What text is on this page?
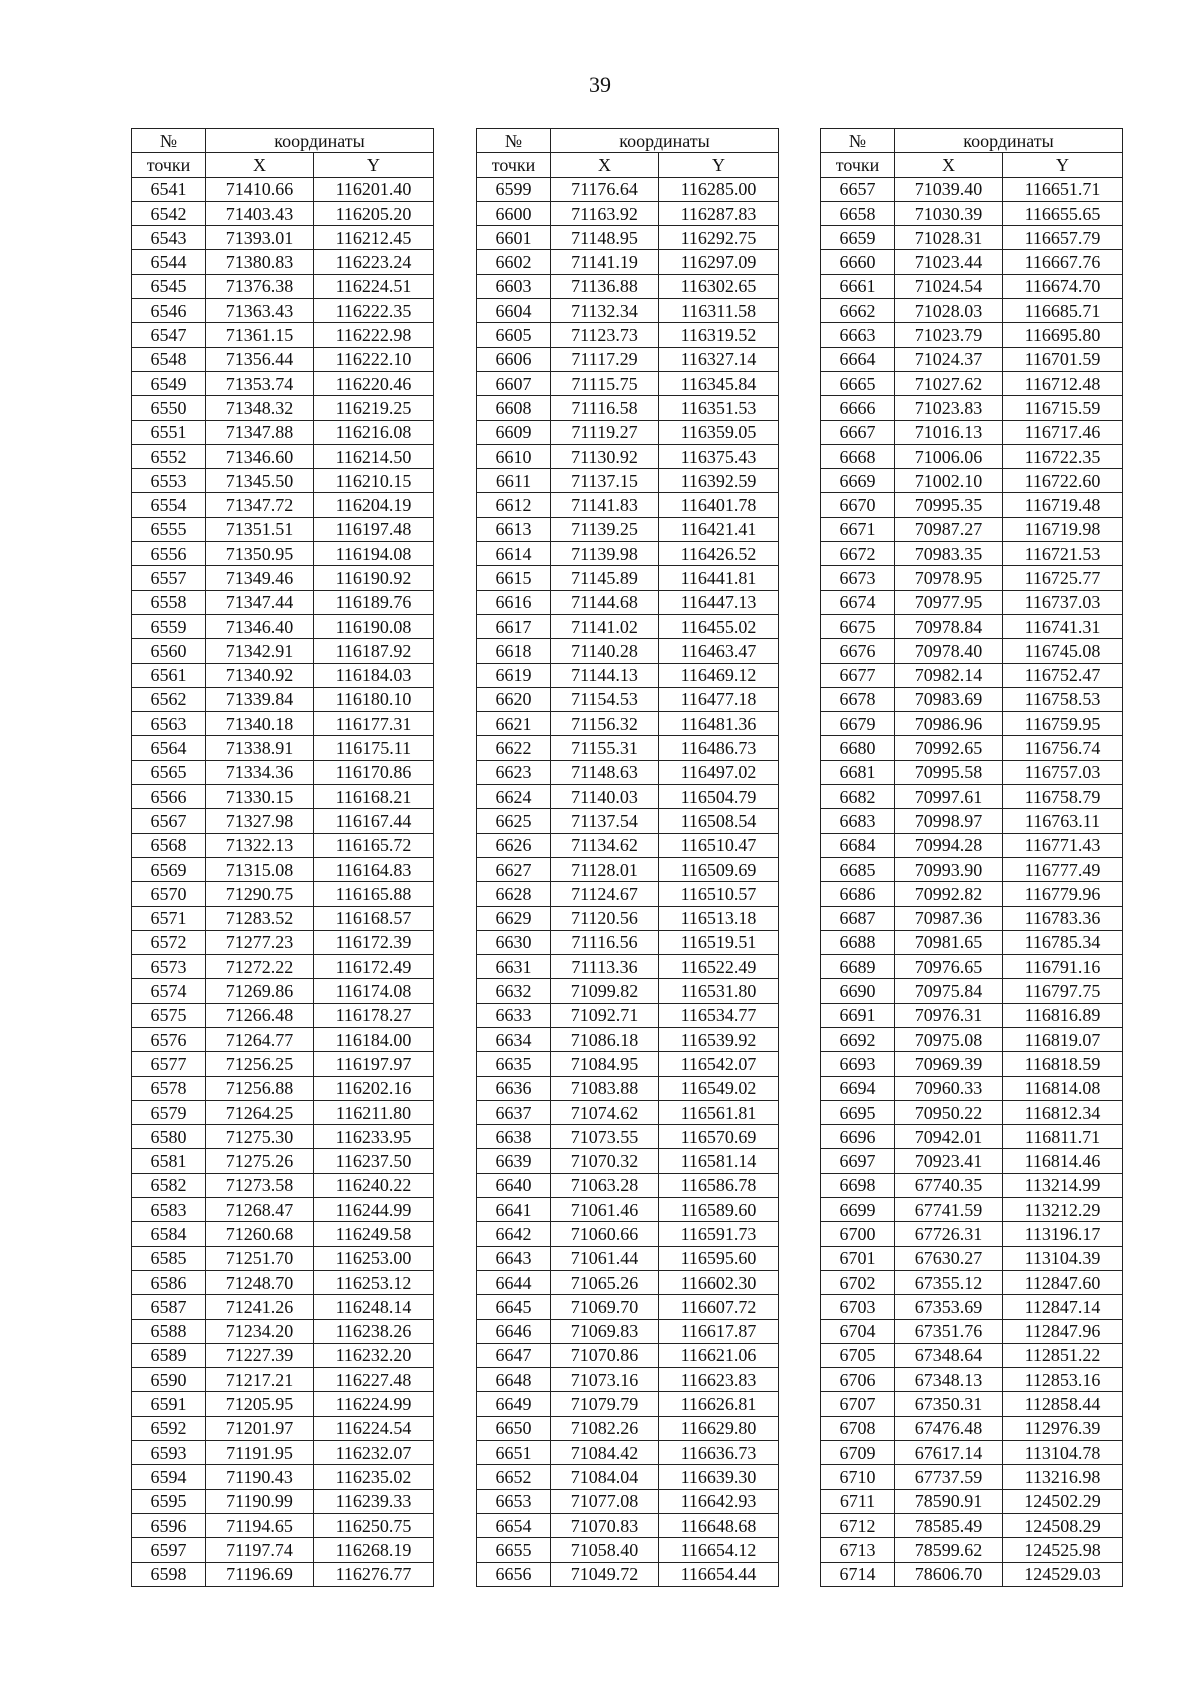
39
№	координаты	
точки	X	Y
6541	71410.66	116201.40
6542	71403.43	116205.20
6543	71393.01	116212.45
6544	71380.83	116223.24
6545	71376.38	116224.51
6546	71363.43	116222.35
6547	71361.15	116222.98
6548	71356.44	116222.10
6549	71353.74	116220.46
6550	71348.32	116219.25
6551	71347.88	116216.08
6552	71346.60	116214.50
6553	71345.50	116210.15
6554	71347.72	116204.19
6555	71351.51	116197.48
6556	71350.95	116194.08
6557	71349.46	116190.92
6558	71347.44	116189.76
6559	71346.40	116190.08
6560	71342.91	116187.92
6561	71340.92	116184.03
6562	71339.84	116180.10
6563	71340.18	116177.31
6564	71338.91	116175.11
6565	71334.36	116170.86
6566	71330.15	116168.21
6567	71327.98	116167.44
6568	71322.13	116165.72
6569	71315.08	116164.83
6570	71290.75	116165.88
6571	71283.52	116168.57
6572	71277.23	116172.39
6573	71272.22	116172.49
6574	71269.86	116174.08
6575	71266.48	116178.27
6576	71264.77	116184.00
6577	71256.25	116197.97
6578	71256.88	116202.16
6579	71264.25	116211.80
6580	71275.30	116233.95
6581	71275.26	116237.50
6582	71273.58	116240.22
6583	71268.47	116244.99
6584	71260.68	116249.58
6585	71251.70	116253.00
6586	71248.70	116253.12
6587	71241.26	116248.14
6588	71234.20	116238.26
6589	71227.39	116232.20
6590	71217.21	116227.48
6591	71205.95	116224.99
6592	71201.97	116224.54
6593	71191.95	116232.07
6594	71190.43	116235.02
6595	71190.99	116239.33
6596	71194.65	116250.75
6597	71197.74	116268.19
6598	71196.69	116276.77
№	координаты	
точки	X	Y
6599	71176.64	116285.00
6600	71163.92	116287.83
6601	71148.95	116292.75
6602	71141.19	116297.09
6603	71136.88	116302.65
6604	71132.34	116311.58
6605	71123.73	116319.52
6606	71117.29	116327.14
6607	71115.75	116345.84
6608	71116.58	116351.53
6609	71119.27	116359.05
6610	71130.92	116375.43
6611	71137.15	116392.59
6612	71141.83	116401.78
6613	71139.25	116421.41
6614	71139.98	116426.52
6615	71145.89	116441.81
6616	71144.68	116447.13
6617	71141.02	116455.02
6618	71140.28	116463.47
6619	71144.13	116469.12
6620	71154.53	116477.18
6621	71156.32	116481.36
6622	71155.31	116486.73
6623	71148.63	116497.02
6624	71140.03	116504.79
6625	71137.54	116508.54
6626	71134.62	116510.47
6627	71128.01	116509.69
6628	71124.67	116510.57
6629	71120.56	116513.18
6630	71116.56	116519.51
6631	71113.36	116522.49
6632	71099.82	116531.80
6633	71092.71	116534.77
6634	71086.18	116539.92
6635	71084.95	116542.07
6636	71083.88	116549.02
6637	71074.62	116561.81
6638	71073.55	116570.69
6639	71070.32	116581.14
6640	71063.28	116586.78
6641	71061.46	116589.60
6642	71060.66	116591.73
6643	71061.44	116595.60
6644	71065.26	116602.30
6645	71069.70	116607.72
6646	71069.83	116617.87
6647	71070.86	116621.06
6648	71073.16	116623.83
6649	71079.79	116626.81
6650	71082.26	116629.80
6651	71084.42	116636.73
6652	71084.04	116639.30
6653	71077.08	116642.93
6654	71070.83	116648.68
6655	71058.40	116654.12
6656	71049.72	116654.44
№	координаты	
точки	X	Y
6657	71039.40	116651.71
6658	71030.39	116655.65
6659	71028.31	116657.79
6660	71023.44	116667.76
6661	71024.54	116674.70
6662	71028.03	116685.71
6663	71023.79	116695.80
6664	71024.37	116701.59
6665	71027.62	116712.48
6666	71023.83	116715.59
6667	71016.13	116717.46
6668	71006.06	116722.35
6669	71002.10	116722.60
6670	70995.35	116719.48
6671	70987.27	116719.98
6672	70983.35	116721.53
6673	70978.95	116725.77
6674	70977.95	116737.03
6675	70978.84	116741.31
6676	70978.40	116745.08
6677	70982.14	116752.47
6678	70983.69	116758.53
6679	70986.96	116759.95
6680	70992.65	116756.74
6681	70995.58	116757.03
6682	70997.61	116758.79
6683	70998.97	116763.11
6684	70994.28	116771.43
6685	70993.90	116777.49
6686	70992.82	116779.96
6687	70987.36	116783.36
6688	70981.65	116785.34
6689	70976.65	116791.16
6690	70975.84	116797.75
6691	70976.31	116816.89
6692	70975.08	116819.07
6693	70969.39	116818.59
6694	70960.33	116814.08
6695	70950.22	116812.34
6696	70942.01	116811.71
6697	70923.41	116814.46
6698	67740.35	113214.99
6699	67741.59	113212.29
6700	67726.31	113196.17
6701	67630.27	113104.39
6702	67355.12	112847.60
6703	67353.69	112847.14
6704	67351.76	112847.96
6705	67348.64	112851.22
6706	67348.13	112853.16
6707	67350.31	112858.44
6708	67476.48	112976.39
6709	67617.14	113104.78
6710	67737.59	113216.98
6711	78590.91	124502.29
6712	78585.49	124508.29
6713	78599.62	124525.98
6714	78606.70	124529.03
